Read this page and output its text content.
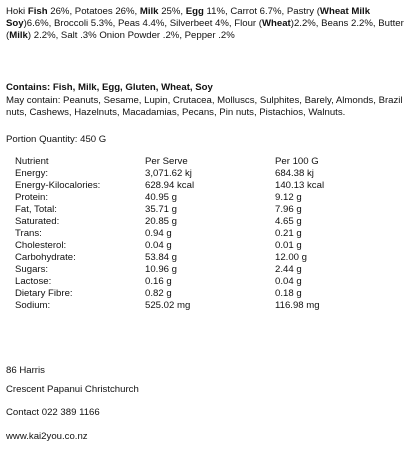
Hoki Fish 26%, Potatoes 26%, Milk 25%, Egg 11%, Carrot 6.7%, Pastry (Wheat Milk Soy)6.6%, Broccoli 5.3%, Peas 4.4%, Silverbeet 4%, Flour (Wheat)2.2%, Beans 2.2%, Butter (Milk) 2.2%, Salt .3% Onion Powder .2%, Pepper .2%
Contains: Fish, Milk, Egg, Gluten, Wheat, Soy
May contain: Peanuts, Sesame, Lupin, Crutacea, Molluscs, Sulphites, Barely, Almonds, Brazil nuts, Cashews, Hazelnuts, Macadamias, Pecans, Pin nuts, Pistachios, Walnuts.
Portion Quantity: 450 G
Nutrient	Per Serve	Per 100 G
Energy:	3,071.62 kj	684.38 kj
Energy-Kilocalories:	628.94 kcal	140.13 kcal
Protein:	40.95 g	9.12 g
Fat, Total:	35.71 g	7.96 g
Saturated:	20.85 g	4.65 g
Trans:	0.94 g	0.21 g
Cholesterol:	0.04 g	0.01 g
Carbohydrate:	53.84 g	12.00 g
Sugars:	10.96 g	2.44 g
Lactose:	0.16 g	0.04 g
Dietary Fibre:	0.82 g	0.18 g
Sodium:	525.02 mg	116.98 mg
86 Harris
Crescent Papanui Christchurch
Contact 022 389 1166
www.kai2you.co.nz
